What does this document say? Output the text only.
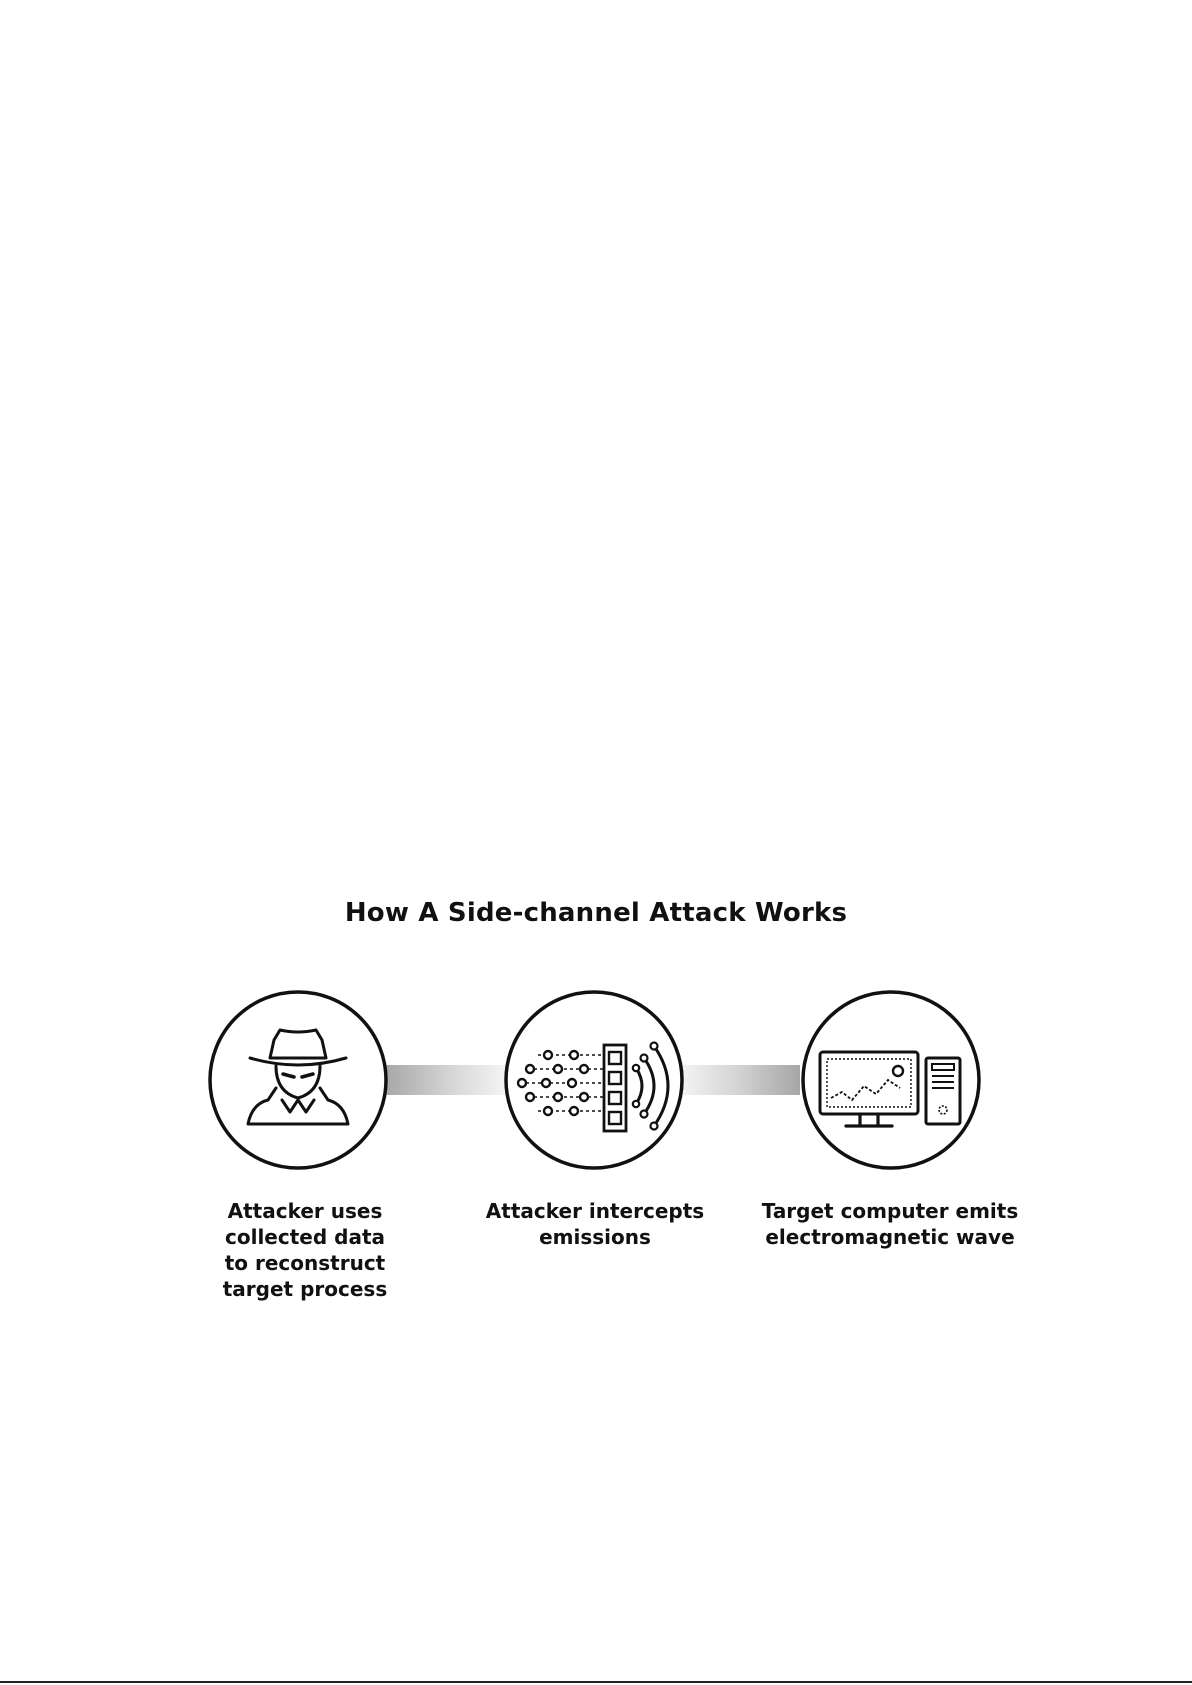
How A Side-channel Attack Works
Attacker uses
collected data
to reconstruct
target process
Attacker intercepts
emissions
Target computer emits
electromagnetic wave
